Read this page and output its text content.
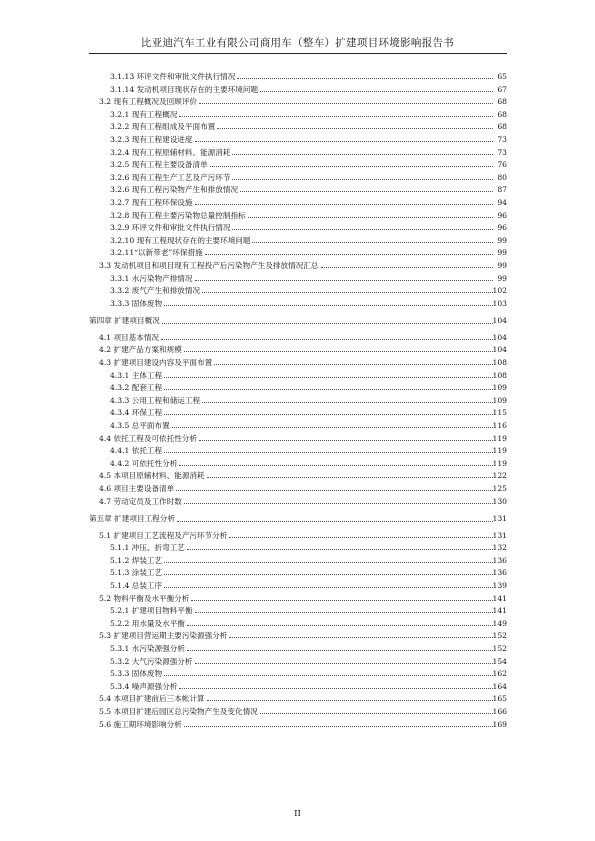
比亚迪汽车工业有限公司商用车（整车）扩建项目环境影响报告书
3.1.13 环评文件和审批文件执行情况	65
3.1.14 发动机项目现状存在的主要环境问题	67
3.2 现有工程概况及回顾评价	68
3.2.1 现有工程概况	68
3.2.2 现有工程组成及平面布置	68
3.2.3 现有工程建设进度	73
3.2.4 现有工程原辅材料、能源消耗	73
3.2.5 现有工程主要设备清单	76
3.2.6 现有工程生产工艺及产污环节	80
3.2.6 现有工程污染物产生和排放情况	87
3.2.7 现有工程环保设施	94
3.2.8 现有工程主要污染物总量控制指标	96
3.2.9 环评文件和审批文件执行情况	96
3.2.10 现有工程现状存在的主要环境问题	99
3.2.11“以新带老”环保措施	99
3.3 发动机项目和项目现有工程投产后污染物产生及排放情况汇总	99
3.3.1 水污染物产排情况	99
3.3.2 废气产生和排放情况	102
3.3.3 固体废物	103
第四章 扩建项目概况	104
4.1 项目基本情况	104
4.2 扩建产品方案和规模	104
4.3 扩建项目建设内容及平面布置	108
4.3.1 主体工程	108
4.3.2 配套工程	109
4.3.3 公用工程和储运工程	109
4.3.4 环保工程	115
4.3.5 总平面布置	116
4.4 依托工程及可依托性分析	119
4.4.1 依托工程	119
4.4.2 可依托性分析	119
4.5 本项目原辅材料、能源消耗	122
4.6 项目主要设备清单	125
4.7 劳动定员及工作时数	130
第五章 扩建项目工程分析	131
5.1 扩建项目工艺流程及产污环节分析	131
5.1.1 冲压、折弯工艺	132
5.1.2 焊装工艺	136
5.1.3 涂装工艺	136
5.1.4 总装工序	139
5.2 物料平衡及水平衡分析	141
5.2.1 扩建项目物料平衡	141
5.2.2 用水量及水平衡	149
5.3 扩建项目营运期主要污染源强分析	152
5.3.1 水污染源强分析	152
5.3.2 大气污染源强分析	154
5.3.3 固体废物	162
5.3.4 噪声源强分析	164
5.4 本项目扩建前后三本帐计算	165
5.5 本项目扩建后园区总污染物产生及变化情况	166
5.6 施工期环境影响分析	169
II
